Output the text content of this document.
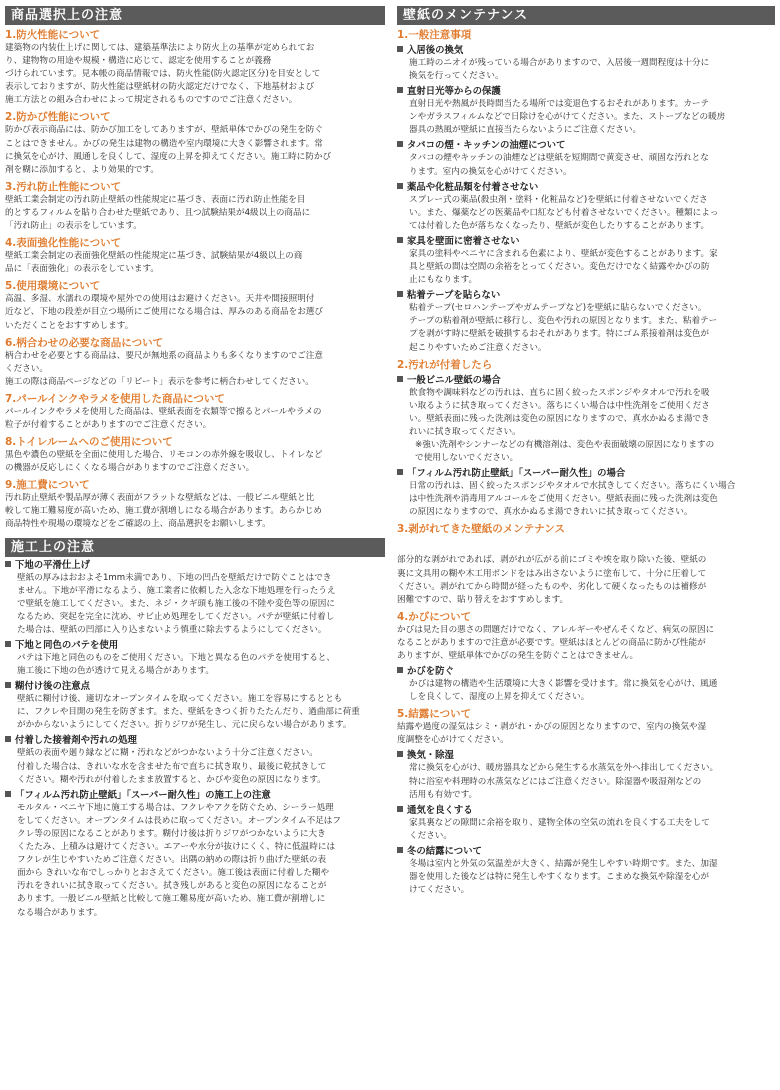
商品選択上の注意
1.防火性能について

建築物の内装仕上げに関しては、建築基準法により防火上の基準が定められてお

り、建物物の用途や規模・構造に応じて、認定を使用することが義務

づけられています。見本帳の商品情報では、防火性能(防火認定区分)を目安として

表示しておりますが、防火性能は壁紙材の防火認定だけでなく、下地基材および

施工方法との組み合わせによって規定されるものですのでご注意ください。

2.防かび性能について

防かび表示商品には、防かび加工をしてありますが、壁紙単体でかびの発生を防ぐ

ことはできません。かびの発生は建物の構造や室内環境に大きく影響されます。常

に換気を心がけ、風通しを良くして、湿度の上昇を抑えてください。施工時に防かび

剤を糊に添加すると、より効果的です。

3.汚れ防止性能について

壁紙工業会制定の汚れ防止壁紙の性能規定に基づき、表面に汚れ防止性能を目

的とするフィルムを貼り合わせた壁紙であり、且つ試験結果が4級以上の商品に

「汚れ防止」の表示をしています。

4.表面強化性能について

壁紙工業会制定の表面強化壁紙の性能規定に基づき、試験結果が4級以上の商

品に「表面強化」の表示をしています。

5.使用環境について

高温、多湿、水濡れの環境や屋外での使用はお避けください。天井や間接照明付

近など、下地の段差が目立つ場所にご使用になる場合は、厚みのある商品をお選び

いただくことをおすすめします。

6.柄合わせの必要な商品について

柄合わせを必要とする商品は、要尺が無地系の商品よりも多くなりますのでご注意

ください。

施工の際は商品ページなどの「リピート」表示を参考に柄合わせしてください。

7.パールインクやラメを使用した商品について

パールインクやラメを使用した商品は、壁紙表面を衣類等で擦るとパールやラメの

粒子が付着することがありますのでご注意ください。

8.トイレルームへのご使用について

黒色や濃色の壁紙を全面に使用した場合、リモコンの赤外線を吸収し、トイレなど

の機器が反応しにくくなる場合がありますのでご注意ください。

9.施工費について

汚れ防止壁紙や製品厚が薄く表面がフラットな壁紙などは、一般ビニル壁紙と比

較して施工難易度が高いため、施工費が割増しになる場合があります。あらかじめ

商品特性や現場の環境などをご確認の上、商品選択をお願いします。

施工上の注意
下地の平滑仕上げ

壁紙の厚みはおおよそ1mm未満であり、下地の凹凸を壁紙だけで防ぐことはでき

ません。下地が平滑になるよう、施工業者に依頼した入念な下地処理を行ったうえ

で壁紙を施工してください。また、ネジ・クギ頭も施工後の不陸や変色等の原因に

なるため、突起を完全に沈め、サビ止め処理をしてください。パテが壁紙に付着し

た場合は、壁紙の凹部に入り込まないよう慎重に除去するようにしてください。

下地と同色のパテを使用

パテは下地と同色のものをご使用ください。下地と異なる色のパテを使用すると、

施工後に下地の色が透けて見える場合があります。

糊付け後の注意点

壁紙に糊付け後、適切なオープンタイムを取ってください。施工を容易にするととも

に、フクレや目開の発生を防ぎます。また、壁紙をきつく折りたたんだり、過曲部に荷重

がかからないようにしてください。折りジワが発生し、元に戻らない場合があります。

付着した接着剤や汚れの処理

壁紙の表面や廻り縁などに糊・汚れなどがつかないよう十分ご注意ください。

付着した場合は、きれいな水を含ませた布で直ちに拭き取り、最後に乾拭きして

ください。糊や汚れが付着したまま放置すると、かびや変色の原因になります。

「フィルム汚れ防止壁紙」「スーパー耐久性」の施工上の注意

モルタル・ベニヤ下地に施工する場合は、フクレやアクを防ぐため、シーラー処理

をしてください。オープンタイムは長めに取ってください。オープンタイム不足はフ

クレ等の原因になることがあります。糊付け後は折りジワがつかないように大き

くたたみ、上積みは避けてください。エアーや水分が抜けにくく、特に低温時には

フクレが生じやすいためご注意ください。出隅の納めの際は折り曲げた壁紙の表

面から きれいな布でしっかりとおさえてください。施工後は表面に付着した糊や

汚れをきれいに拭き取ってください。拭き残しがあると変色の原因になることが

あります。一般ビニル壁紙と比較して施工難易度が高いため、施工費が割増しに

なる場合があります。

壁紙のメンテナンス
1.一般注意事項
入居後の換気

施工時のニオイが残っている場合がありますので、入居後一週間程度は十分に

換気を行ってください。

直射日光等からの保護

直射日光や熱風が長時間当たる場所では変退色するおそれがあります。カーテ

ンやガラスフィルムなどで日除けを心がけてください。また、ストーブなどの暖房

器具の熱風が壁紙に直接当たらないようにご注意ください。

タバコの煙・キッチンの油煙について

タバコの煙やキッチンの油煙などは壁紙を短期間で黄変させ、頑固な汚れとな

ります。室内の換気を心がけてください。

薬品や化粧品類を付着させない

スプレー式の薬品(殺虫剤・塗料・化粧品など)を壁紙に付着させないでくださ

い。また、爆薬などの医薬品や口紅なども付着させないでください。種類によっ

ては付着した色が落ちなくなったり、壁紙が変色したりすることがあります。

家具を壁面に密着させない

家具の塗料やベニヤに含まれる色素により、壁紙が変色することがあります。家

具と壁紙の間は空間の余裕をとってください。変色だけでなく結露やかびの防

止にもなります。

粘着テープを貼らない

粘着テープ(セロハンテープやガムテープなど)を壁紙に貼らないでください。

テープの粘着剤が壁紙に移行し、変色や汚れの原因となります。また、粘着テー

プを剥がす時に壁紙を破損するおそれがあります。特にゴム系接着剤は変色が

起こりやすいためご注意ください。

2.汚れが付着したら
一般ビニル壁紙の場合

飲食物や調味料などの汚れは、直ちに固く絞ったスポンジやタオルで汚れを吸

い取るように拭き取ってください。落ちにくい場合は中性洗剤をご使用くださ

い。壁紙表面に残った洗剤は変色の原因になりますので、真水かぬるま湯でき

れいに拭き取ってください。

※強い洗剤やシンナーなどの有機溶剤は、変色や表面破壊の原因になりますの

で使用しないでください。

「フィルム汚れ防止壁紙」「スーパー耐久性」の場合

日常の汚れは、固く絞ったスポンジやタオルで水拭きしてください。落ちにくい場合

は中性洗剤や消毒用アルコールをご使用ください。壁紙表面に残った洗剤は変色

の原因になりますので、真水かぬるま湯できれいに拭き取ってください。

3.剥がれてきた壁紙のメンテナンス

部分的な剥がれであれば、剥がれが広がる前にゴミや埃を取り除いた後、壁紙の

裏に文具用の糊や木工用ボンドをはみ出さないように塗布して、十分に圧着して

ください。剥がれてから時間が経ったものや、劣化して硬くなったものは補修が

困難ですので、貼り替えをおすすめします。

4.かびについて

かびは見た目の悪さの問題だけでなく、アレルギーやぜんそくなど、病気の原因に

なることがありますので注意が必要です。壁紙はほとんどの商品に防かび性能が

ありますが、壁紙単体でかびの発生を防ぐことはできません。

かびを防ぐ

かびは建物の構造や生活環境に大きく影響を受けます。常に換気を心がけ、風通

しを良くして、湿度の上昇を抑えてください。

5.結露について

結露や過度の湿気はシミ・剥がれ・かびの原因となりますので、室内の換気や湿

度調整を心がけてください。

換気・除湿

常に換気を心がけ、暖房器具などから発生する水蒸気を外へ排出してください。

特に浴室や料理時の水蒸気などにはご注意ください。除湿器や吸湿剤などの

活用も有効です。

通気を良くする

家具裏などの隙間に余裕を取り、建物全体の空気の流れを良くする工夫をして

ください。

冬の結露について

冬場は室内と外気の気温差が大きく、結露が発生しやすい時期です。また、加湿

器を使用した後などは特に発生しやすくなります。こまめな換気や除湿を心が

けてください。
